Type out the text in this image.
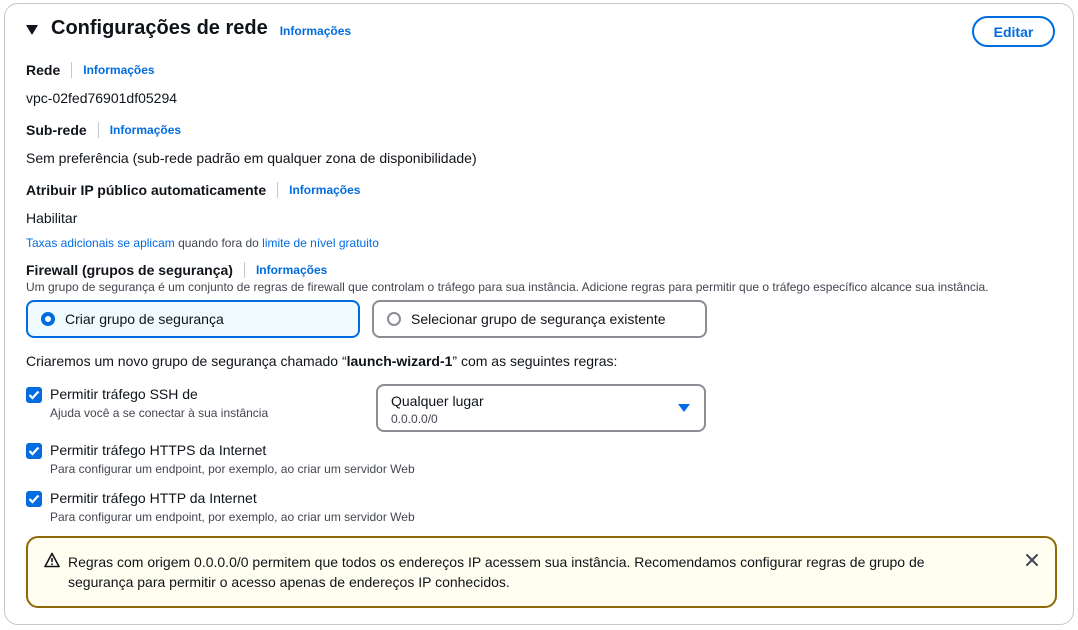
Configurações de rede Informações	Editar
Rede Informações
vpc-02fed76901df05294
Sub-rede Informações
Sem preferência (sub-rede padrão em qualquer zona de disponibilidade)
Atribuir IP público automaticamente Informações
Habilitar
Taxas adicionais se aplicam quando fora do limite de nível gratuito
Firewall (grupos de segurança) Informações
Um grupo de segurança é um conjunto de regras de firewall que controlam o tráfego para sua instância. Adicione regras para permitir que o tráfego específico alcance sua instância.
Criar grupo de segurança	Selecionar grupo de segurança existente
Criaremos um novo grupo de segurança chamado “launch-wizard-1” com as seguintes regras:
Permitir tráfego SSH de
Ajuda você a se conectar à sua instância
Qualquer lugar
0.0.0.0/0
Permitir tráfego HTTPS da Internet
Para configurar um endpoint, por exemplo, ao criar um servidor Web
Permitir tráfego HTTP da Internet
Para configurar um endpoint, por exemplo, ao criar um servidor Web
Regras com origem 0.0.0.0/0 permitem que todos os endereços IP acessem sua instância. Recomendamos configurar regras de grupo de segurança para permitir o acesso apenas de endereços IP conhecidos.
